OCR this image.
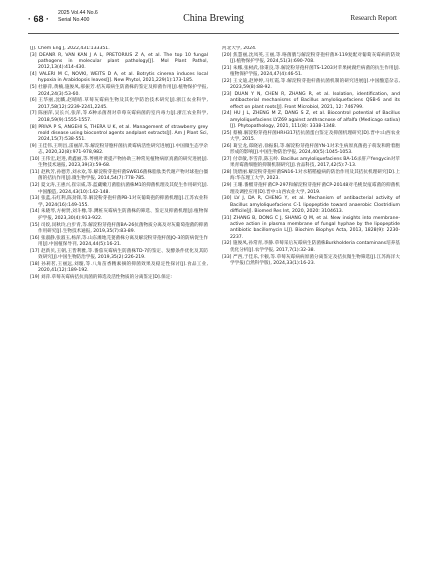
· 68 ·
2025 Vol.44 No.6
Serial No.400	China Brewing	Research Report

[J]. Chem Eng J, 2022,431:133351.

[3] DEANR R, VAN KAN J A L, PRETORIUS Z A, et al. The top 10 fungal pathogens in molecular plant pathology[J]. Mol Plant Pathol, 2012,13(4):414-430.

[4] VALERI M C, NOVKI, WEITS D A, et al. Botrytis cinerea induces local hypoxia in Arabidopsis leaves[J]. New Phytol, 2021,229(1):173-185.

[5] 杜静萍,黄楠,施俊凤,郝振芳.桔灰霉病生防菌株的鉴定及抑菌作用[J].植物保护学报, 2024,24(3):53-60.

[6] 王华丽,沈麟,赵晴晴.草莓灰霉病生物及其化学防治技术研究[J].浙江农业科学, 2017,58(12):2239-2241,2245.

[7] 陈丽萍,吴长兴,张萍,等.6种杀菌剂对草莓灰霉病菌的室内毒力[J].浙江农业科学, 2018,59(9):1555-1557.

[8] PRIVA P S, ANGEHI S, THERA U K, et al. Management of strawberry grey mold disease using biocontrol agents andplant extracts[J]. Am J Plant Sci, 2024,15(7):538-551.

[9] 王佳伟,王明昌,雷丽萍,等.解淀粉芽胞杆菌抗黄霉病活性研究进展[J].中国微生态学杂志, 2020,32(8):971-978,982.

[10] 王伟宏,赵进,黄鑫丽,等.萼桃叶黄提产物协助三种常见植物病原真菌的研究进展[J].生物技术通报, 2023,39(3):59-68.

[11] 赵秋芳,孙德芳,刘永欢,等.解淀粉芽孢杆菌SWB16菌株脂肽类代谢产物对球孢白僵菌的拮抗作用[J].微生物学报, 2014,54(7):778-785.

[12] 夏文涛,王惠兴,崔宗威,等.蓝藏嫩刀菌脂抗菌株M1的抑菌机理及其促生作用研究[J].中国酿造, 2024,43(10):142-148.

[13] 张蓝,石红利,陈劲锋,等.解淀粉芽孢杆菌PB-1对灰葡萄孢的抑菌机理[J].江苏农业科学, 2024(16):149-155.

[14] 朱晓琴,方树贤,刘斗橡,等.蹲桩灰霉病生防菌株的筛选、鉴定及抑菌机理[J].植物保护学报, 2023,30(4):913-922.

[15] 司姣,闵秋玲,白步青,等.解淀粉芽孢杆菌BA-26抗菌物质分离及对灰葡萄孢菌的抑菌作用研究[J].生物技术通报, 2019,35(7):83-89.

[16] 张淑静,张淑玉,杨萍,等.山东滩地芫荽菌株分离及解淀粉芽孢杆菌JQ-3的防病促生作用[J].中国植保导刊, 2024,44(5):16-21.

[17] 赵新贝,王朝,王皆利雅,等.番茄灰霉病生防菌株TD-7的鉴定、发酵条件优化及其防效研究[J].中国生物防治学报, 2019,35(2):226-219.

[18] 孙莉茗,王丽远,刘璇,等.八角苗香精素摘的抑菌效果及稳定性探讨[J].食品工业, 2020,41(12):189-192.

[19] 刘萍.草莓灰霉病拮抗真菌的筛选及活性物质的分离鉴定[D].保定:

河北大学, 2024.

[20] 焦慧丽,沈凤英,王丽,等.咯菌腈与解淀粉芽孢杆菌X-119复配对葡萄灰霉病的防效[J].植物保护学报, 2024,51(3):690-708.

[21] 朱娜,张树武,徐秉良,等.解淀粉芽孢杆菌TS-1203对苹果树腐烂病菌的抗生作用[J].植物保护学报, 2024,47(4):46-51.

[22] 王文迪,赵婷婷,马红霞,等.解淀粉芽孢杆菌抗菌机制的研究进展[J].中国酿造杂志, 2023,59(8):88-92.

[23] DUAN Y N, CHEN R, ZHANG R, et al. Isolation, identification, and antibacterial mechanisms of Bacillus amyloliquefaciens QSB-6 and its effect on plant roots[J]. Front Microbiol, 2021, 12: 746799.

[24] HU J L, ZHENG M Z, DANG S Z, et al. Biocontrol potential of Bacillus amyloliquefaciens LYZ69 against anthracnose of alfalfa (Medicago sativa)[J]. Phytopathology, 2021, 111(8): 3338-1348.

[25] 蔡楠.解淀粉芽孢杆菌HRH317拮抗菌蛋白鉴定及抑菌机理研究[D].晋中:山西农业大学, 2015.

[26] 葛宝龙,郑晓岩,徐振阳,等.解淀粉芽孢杆菌YN-1对禾生病原真菌孢子萌发和附着胞形成的影响[J].中国生物防治学报, 2024,40(5):1045-1053.

[27] 付章敏,李雪萍,陈玉岭. Bacillus amyloliquefaciens BA-16杀肝产fengycin对苹果青霉菌细胞的抑制机制研究[J].食品科技, 2017,42(5):7-13.

[28] 饶碧丽.解淀粉芽孢杆菌SN16-1对水稻稻瘟病的防治作用及其拮抗机理研究[D].上海:华东理工大学, 2023.

[29] 王珊.番榴芽孢杆菌CP-297和解淀粉芽孢杆菌CP-20148对毛桃炭疽霉菌的抑菌机理及调控应用[D].晋中:山西农业大学, 2019.

[30] LV J, DA R, CHENG Y, et al. Mechanism of antibacterial activity of Bacillus amyloliquefaciens C-1 lipopeptide toward anaerobic Clostridium difficile[J]. Biomed Res Int, 2020, 2020: 3104613.

[31] ZHANG B, DONG C J, SHANG Q M, et al. New insights into membrane-active action in plasma membrane of fungal hyphae by the lipopeptide antibiotic bacillomycin L[J]. Biochim Biophys Acta, 2013, 1828(9): 2230-2237.

[32] 施俊凤,孙常青,李静.草莓采后灰霉病生防菌株Burkholderia contaminans培养基优化分析[J].农学学报, 2017,7(1):32-38.

[33] 严西,于佳乐,卡顿,等.草莓灰霉病病原菌分离鉴定及拮抗微生物筛选[J].江苏海洋大学学报(自然科学版), 2024,33(1):16-23.
